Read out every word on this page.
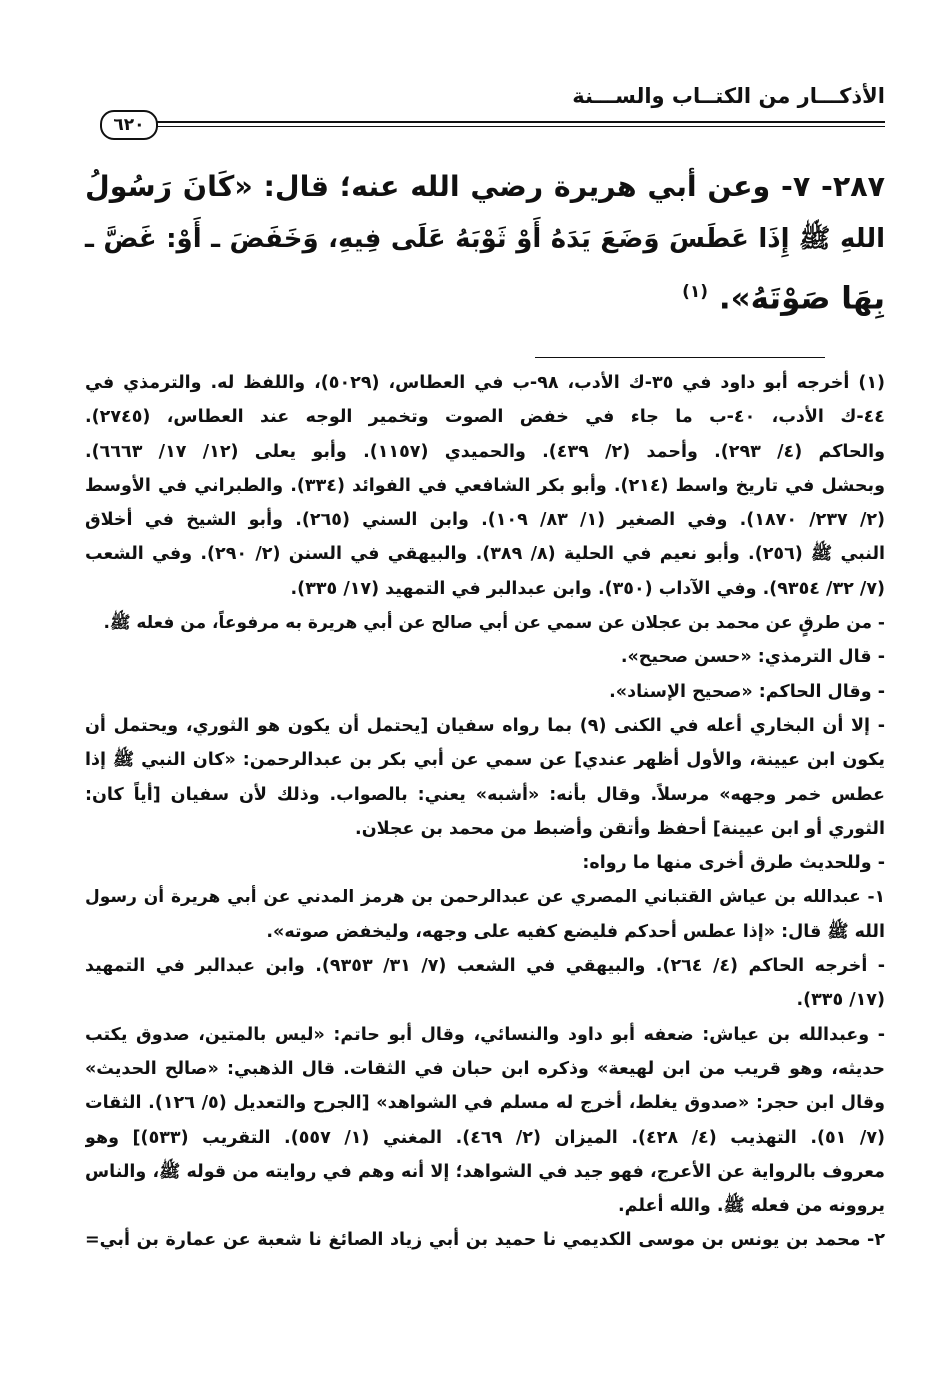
الأذكـــار من الكتــاب والســـنة
٦٢٠
٢٨٧- ٧- وعن أبي هريرة رضي الله عنه؛ قال: «كَانَ رَسُولُ
اللهِ ﷺ إِذَا عَطَسَ وَضَعَ يَدَهُ أَوْ ثَوْبَهُ عَلَى فِيهِ، وَخَفَضَ ـ أَوْ: غَضَّ ـ
بِهَا صَوْتَهُ». $^{(١)}$
(١) أخرجه أبو داود في ٣٥-ك الأدب، ٩٨-ب في العطاس، (٥٠٢٩)، واللفظ له. والترمذي في
٤٤-ك الأدب، ٤٠-ب ما جاء في خفض الصوت وتخمير الوجه عند العطاس، (٢٧٤٥).
والحاكم (٤/ ٢٩٣). وأحمد (٢/ ٤٣٩). والحميدي (١١٥٧). وأبو يعلى (١٢/ ١٧/ ٦٦٦٣).
وبحشل في تاريخ واسط (٢١٤). وأبو بكر الشافعي في الفوائد (٣٣٤). والطبراني في الأوسط
(٢/ ٢٣٧/ ١٨٧٠). وفي الصغير (١/ ٨٣/ ١٠٩). وابن السني (٢٦٥). وأبو الشيخ في أخلاق
النبي ﷺ (٢٥٦). وأبو نعيم في الحلية (٨/ ٣٨٩). والبيهقي في السنن (٢/ ٢٩٠). وفي الشعب
(٧/ ٣٢/ ٩٣٥٤). وفي الآداب (٣٥٠). وابن عبدالبر في التمهيد (١٧/ ٣٣٥).
- من طرقٍ عن محمد بن عجلان عن سمي عن أبي صالح عن أبي هريرة به مرفوعاً، من فعله ﷺ.
- قال الترمذي: «حسن صحيح».
- وقال الحاكم: «صحيح الإسناد».
- إلا أن البخاري أعله في الكنى (٩) بما رواه سفيان [يحتمل أن يكون هو الثوري، ويحتمل أن
يكون ابن عيينة، والأول أظهر عندي] عن سمي عن أبي بكر بن عبدالرحمن: «كان النبي ﷺ إذا
عطس خمر وجهه» مرسلاً. وقال بأنه: «أشبه» يعني: بالصواب. وذلك لأن سفيان [أياً كان:
الثوري أو ابن عيينة] أحفظ وأتقن وأضبط من محمد بن عجلان.
- وللحديث طرق أخرى منها ما رواه:
١- عبدالله بن عياش القتباني المصري عن عبدالرحمن بن هرمز المدني عن أبي هريرة أن رسول
الله ﷺ قال: «إذا عطس أحدكم فليضع كفيه على وجهه، وليخفض صوته».
- أخرجه الحاكم (٤/ ٢٦٤). والبيهقي في الشعب (٧/ ٣١/ ٩٣٥٣). وابن عبدالبر في التمهيد
(١٧/ ٣٣٥).
- وعبدالله بن عياش: ضعفه أبو داود والنسائي، وقال أبو حاتم: «ليس بالمتين، صدوق يكتب
حديثه، وهو قريب من ابن لهيعة» وذكره ابن حبان في الثقات. قال الذهبي: «صالح الحديث»
وقال ابن حجر: «صدوق يغلط، أخرج له مسلم في الشواهد» [الجرح والتعديل (٥/ ١٢٦). الثقات
(٧/ ٥١). التهذيب (٤/ ٤٢٨). الميزان (٢/ ٤٦٩). المغني (١/ ٥٥٧). التقريب (٥٣٣)] وهو
معروف بالرواية عن الأعرج، فهو جيد في الشواهد؛ إلا أنه وهم في روايته من قوله ﷺ، والناس
يروونه من فعله ﷺ. والله أعلم.
٢- محمد بن يونس بن موسى الكديمي نا حميد بن أبي زياد الصائغ نا شعبة عن عمارة بن أبي=
